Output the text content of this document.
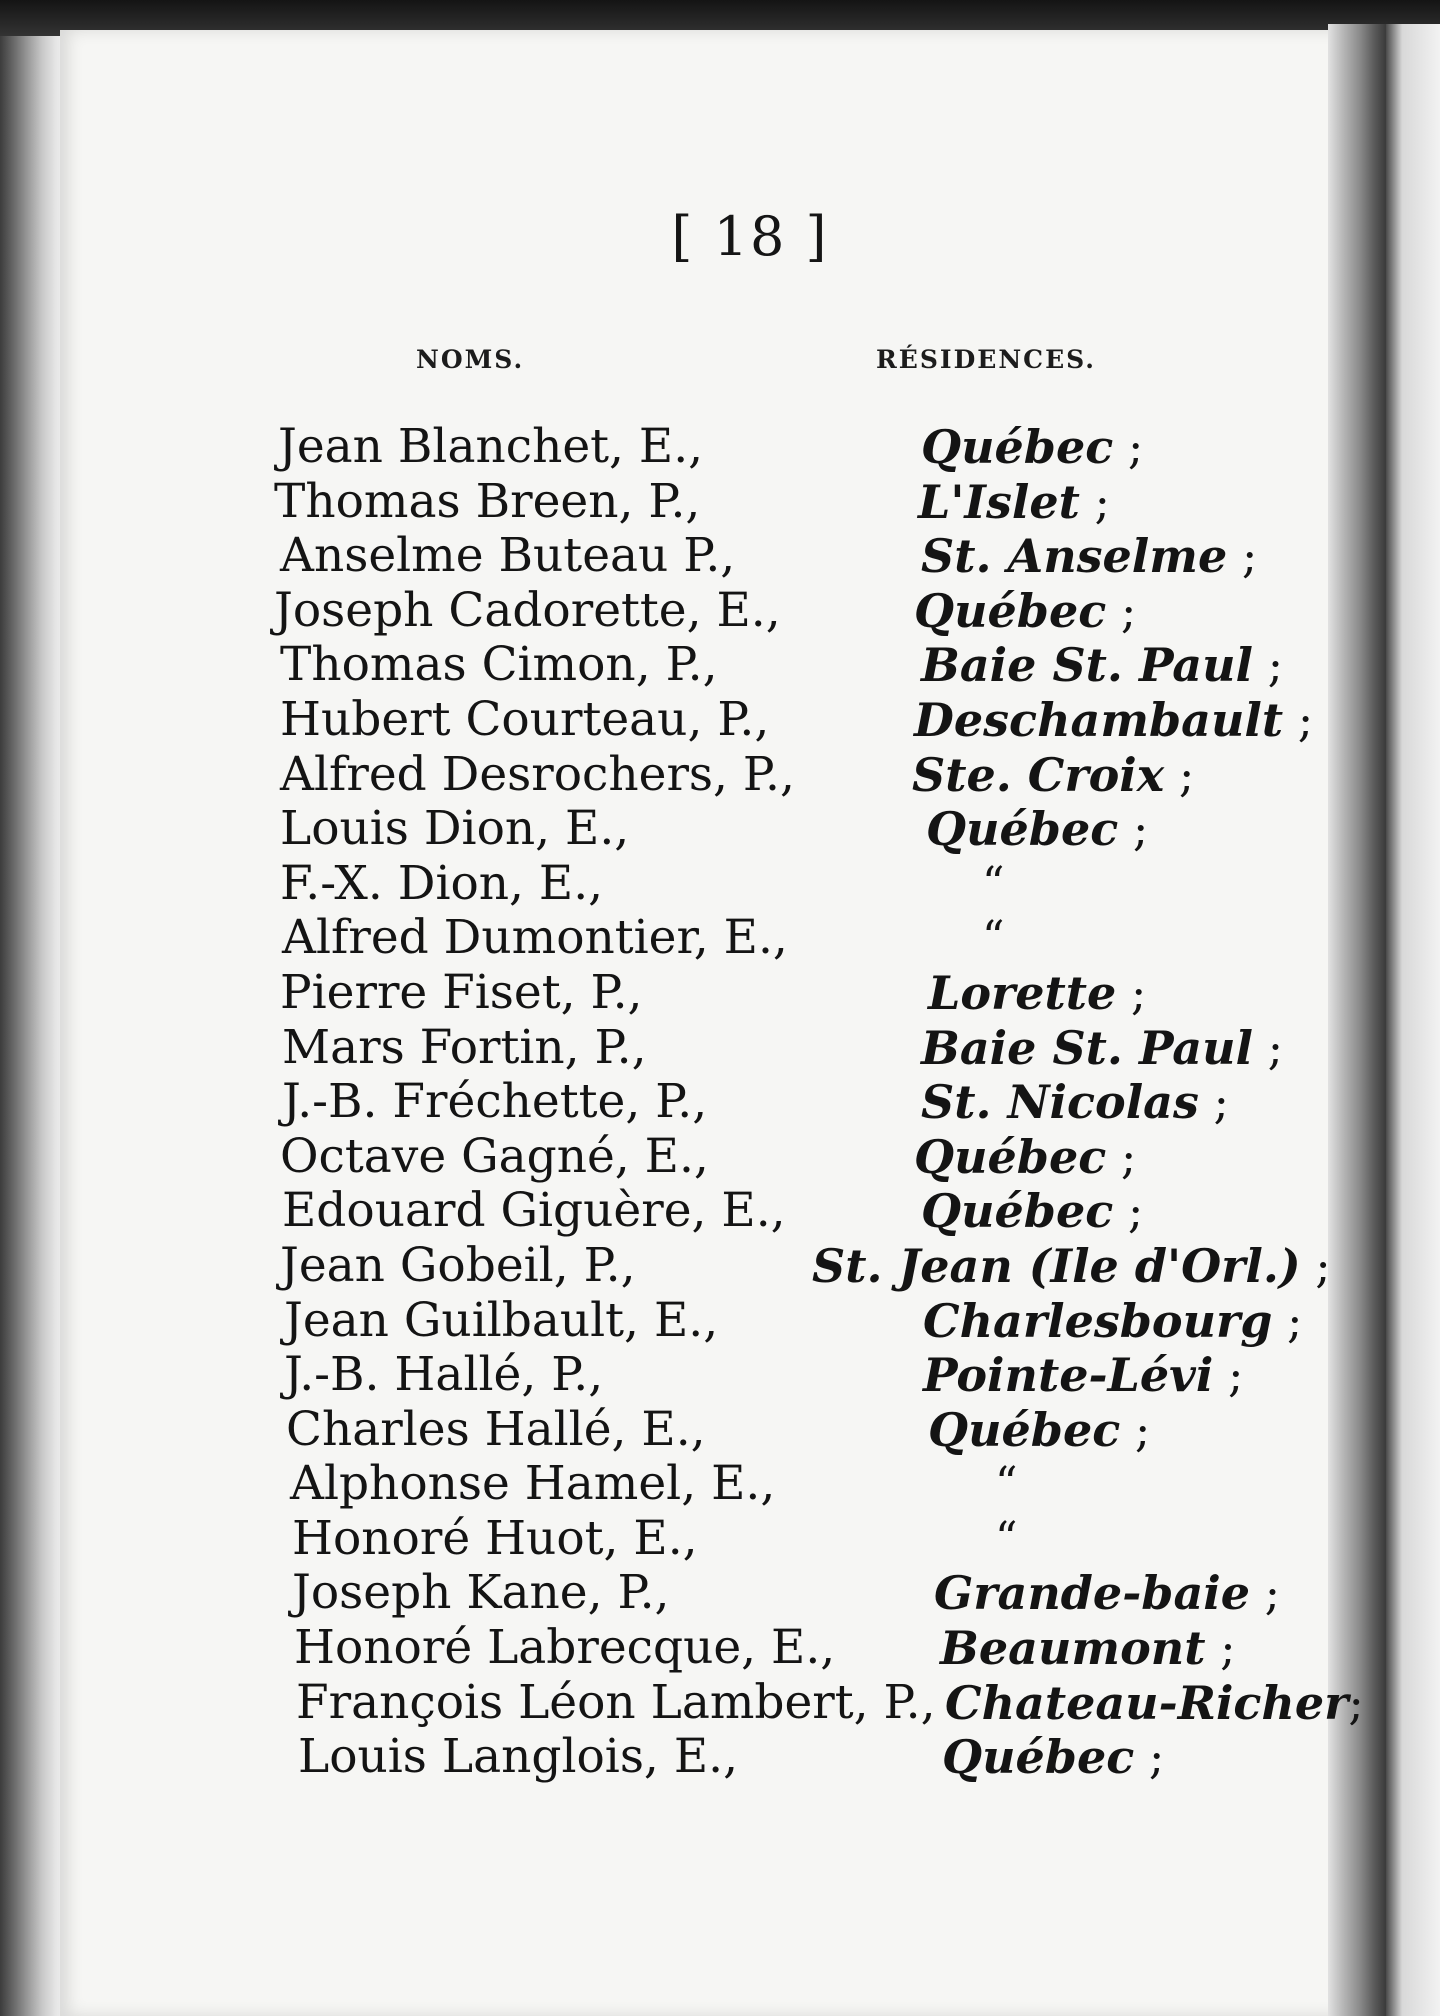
[ 18 ]
NOMS.	RÉSIDENCES.
Jean Blanchet, E.,	Québec ;
Thomas Breen, P.,	L'Islet ;
Anselme Buteau P.,	St. Anselme ;
Joseph Cadorette, E.,	Québec ;
Thomas Cimon, P.,	Baie St. Paul ;
Hubert Courteau, P.,	Deschambault ;
Alfred Desrochers, P.,	Ste. Croix ;
Louis Dion, E.,	Québec ;
F.-X. Dion, E.,	“
Alfred Dumontier, E.,	“
Pierre Fiset, P.,	Lorette ;
Mars Fortin, P.,	Baie St. Paul ;
J.-B. Fréchette, P.,	St. Nicolas ;
Octave Gagné, E.,	Québec ;
Edouard Giguère, E.,	Québec ;
Jean Gobeil, P.,	St. Jean (Ile d'Orl.) ;
Jean Guilbault, E.,	Charlesbourg ;
J.-B. Hallé, P.,	Pointe-Lévi ;
Charles Hallé, E.,	Québec ;
Alphonse Hamel, E.,	“
Honoré Huot, E.,	“
Joseph Kane, P.,	Grande-baie ;
Honoré Labrecque, E., Beaumont ;
François Léon Lambert, P., Chateau-Richer;
Louis Langlois, E.,	Québec ;
